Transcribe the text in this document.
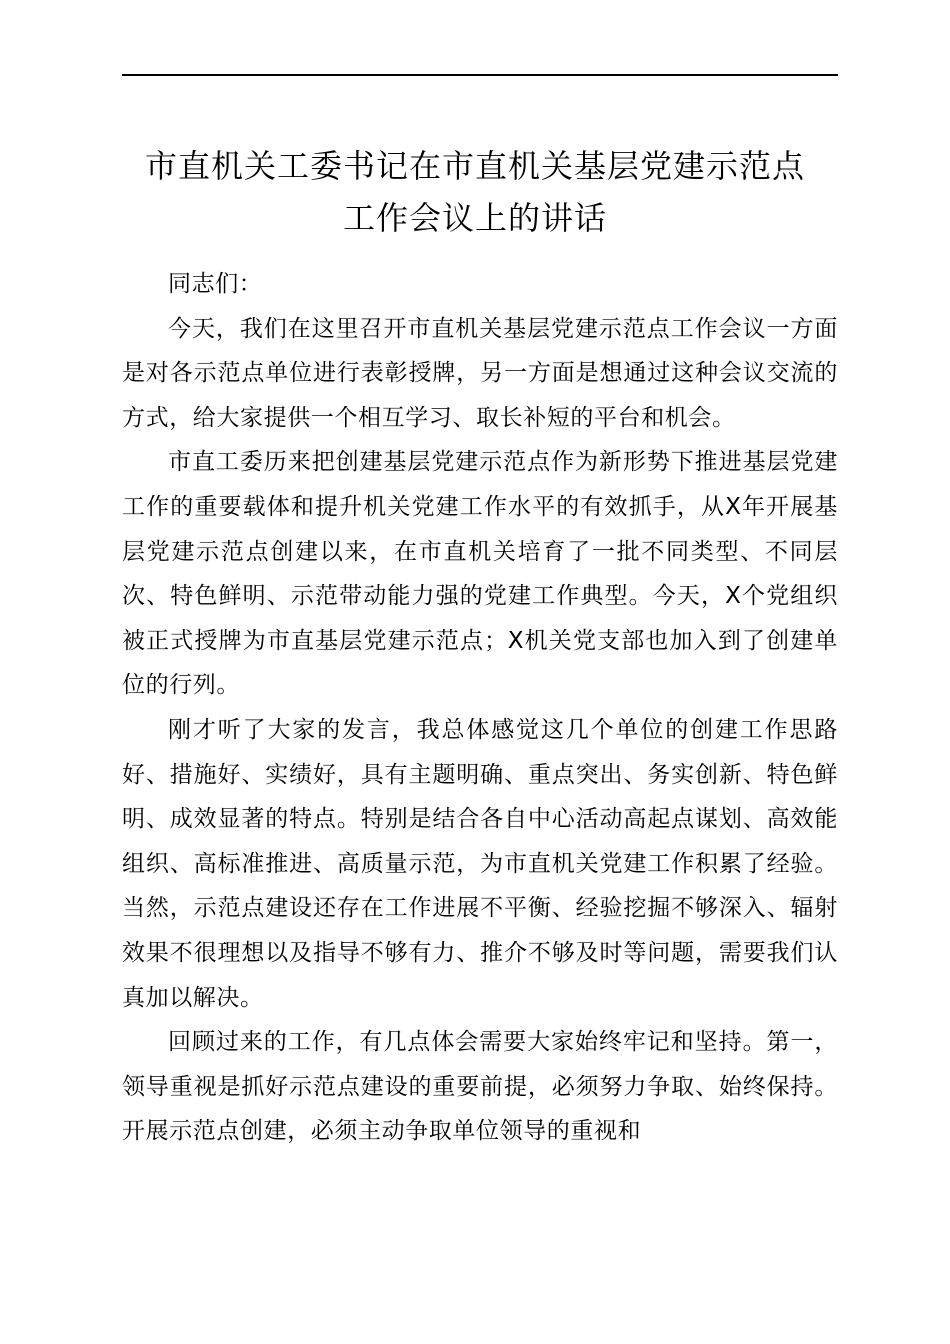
市直机关工委书记在市直机关基层党建示范点
工作会议上的讲话

同志们：

今天，我们在这里召开市直机关基层党建示范点工作会议一方面是对各示范点单位进行表彰授牌，另一方面是想通过这种会议交流的方式，给大家提供一个相互学习、取长补短的平台和机会。

市直工委历来把创建基层党建示范点作为新形势下推进基层党建工作的重要载体和提升机关党建工作水平的有效抓手，从X年开展基层党建示范点创建以来，在市直机关培育了一批不同类型、不同层次、特色鲜明、示范带动能力强的党建工作典型。今天，X个党组织被正式授牌为市直基层党建示范点；X机关党支部也加入到了创建单位的行列。

刚才听了大家的发言，我总体感觉这几个单位的创建工作思路好、措施好、实绩好，具有主题明确、重点突出、务实创新、特色鲜明、成效显著的特点。特别是结合各自中心活动高起点谋划、高效能组织、高标准推进、高质量示范，为市直机关党建工作积累了经验。当然，示范点建设还存在工作进展不平衡、经验挖掘不够深入、辐射效果不很理想以及指导不够有力、推介不够及时等问题，需要我们认真加以解决。

回顾过来的工作，有几点体会需要大家始终牢记和坚持。第一，领导重视是抓好示范点建设的重要前提，必须努力争取、始终保持。开展示范点创建，必须主动争取单位领导的重视和
